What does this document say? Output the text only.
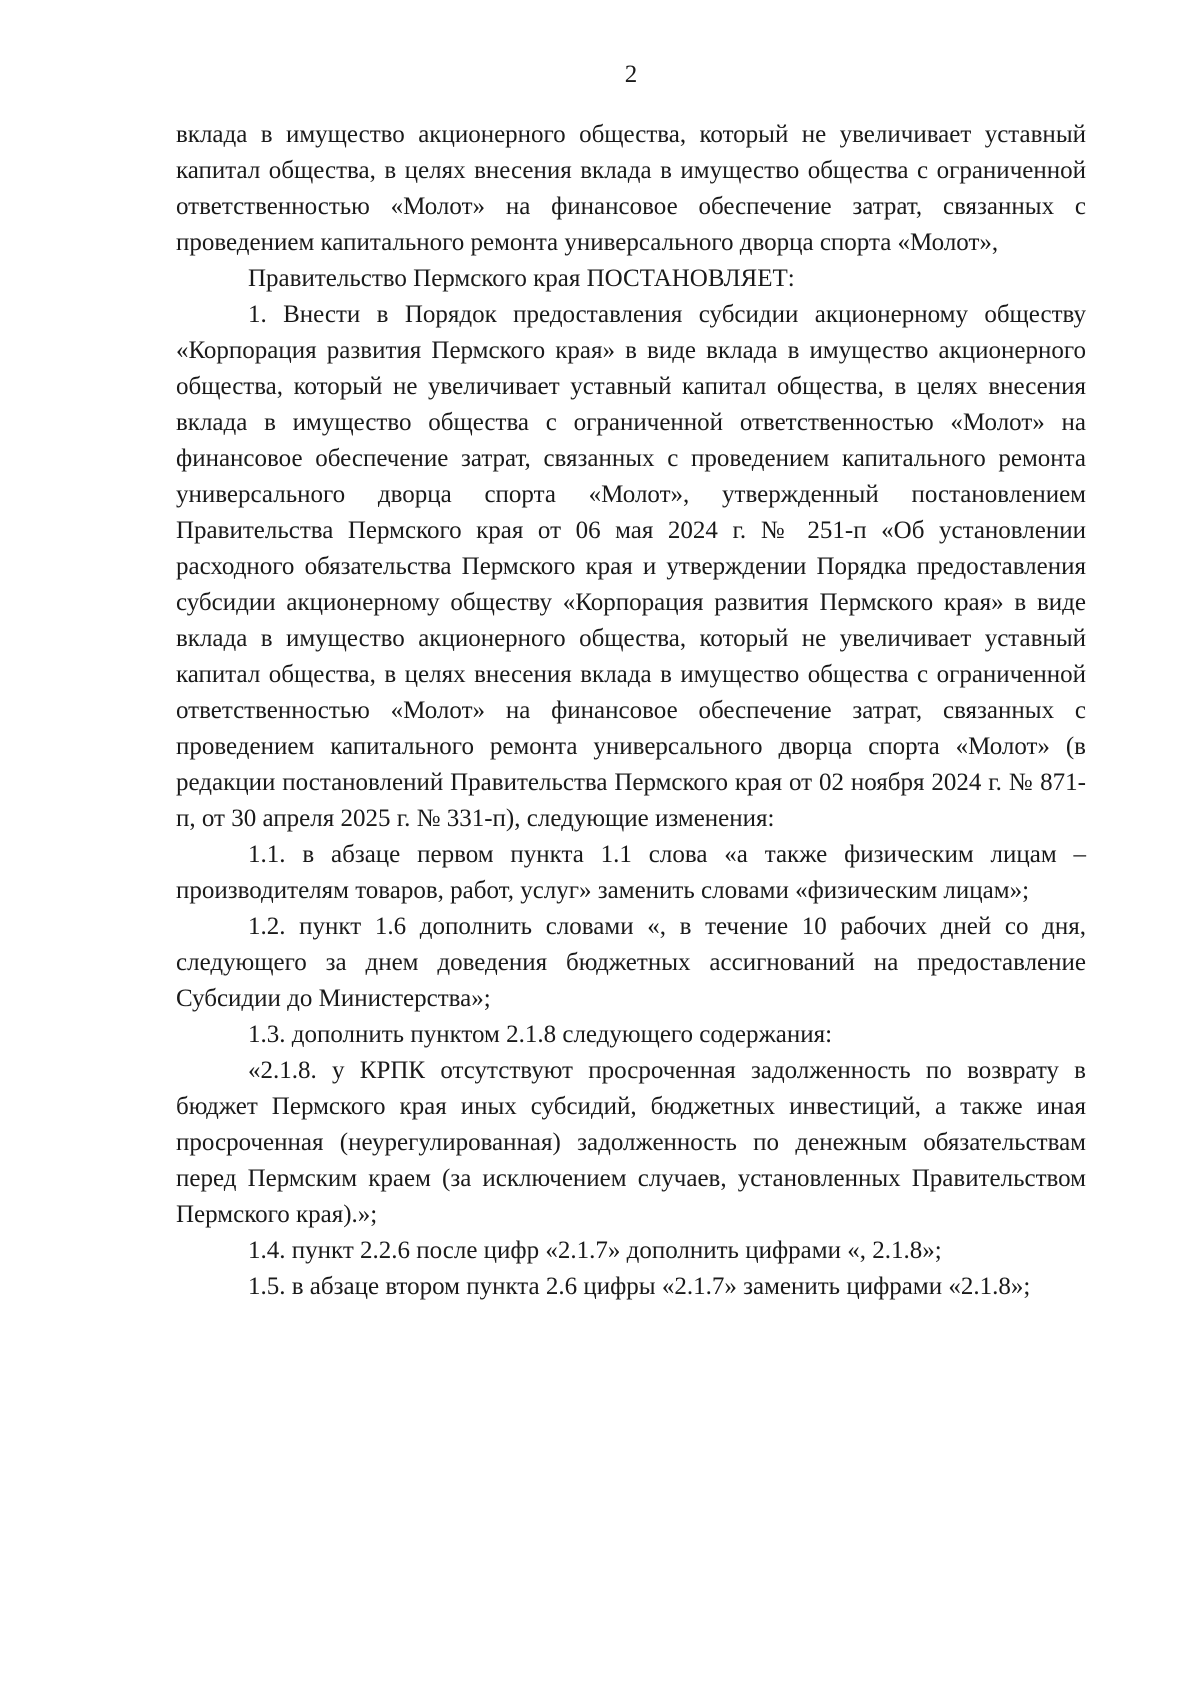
2

вклада в имущество акционерного общества, который не увеличивает уставный капитал общества, в целях внесения вклада в имущество общества с ограниченной ответственностью «Молот» на финансовое обеспечение затрат, связанных с проведением капитального ремонта универсального дворца спорта «Молот»,

Правительство Пермского края ПОСТАНОВЛЯЕТ:

1. Внести в Порядок предоставления субсидии акционерному обществу «Корпорация развития Пермского края» в виде вклада в имущество акционерного общества, который не увеличивает уставный капитал общества, в целях внесения вклада в имущество общества с ограниченной ответственностью «Молот» на финансовое обеспечение затрат, связанных с проведением капитального ремонта универсального дворца спорта «Молот», утвержденный постановлением Правительства Пермского края от 06 мая 2024 г. № 251-п «Об установлении расходного обязательства Пермского края и утверждении Порядка предоставления субсидии акционерному обществу «Корпорация развития Пермского края» в виде вклада в имущество акционерного общества, который не увеличивает уставный капитал общества, в целях внесения вклада в имущество общества с ограниченной ответственностью «Молот» на финансовое обеспечение затрат, связанных с проведением капитального ремонта универсального дворца спорта «Молот» (в редакции постановлений Правительства Пермского края от 02 ноября 2024 г. № 871-п, от 30 апреля 2025 г. № 331-п), следующие изменения:

1.1. в абзаце первом пункта 1.1 слова «а также физическим лицам – производителям товаров, работ, услуг» заменить словами «физическим лицам»;

1.2. пункт 1.6 дополнить словами «, в течение 10 рабочих дней со дня, следующего за днем доведения бюджетных ассигнований на предоставление Субсидии до Министерства»;

1.3. дополнить пунктом 2.1.8 следующего содержания:

«2.1.8. у КРПК отсутствуют просроченная задолженность по возврату в бюджет Пермского края иных субсидий, бюджетных инвестиций, а также иная просроченная (неурегулированная) задолженность по денежным обязательствам перед Пермским краем (за исключением случаев, установленных Правительством Пермского края).»;

1.4. пункт 2.2.6 после цифр «2.1.7» дополнить цифрами «, 2.1.8»;

1.5. в абзаце втором пункта 2.6 цифры «2.1.7» заменить цифрами «2.1.8»;
